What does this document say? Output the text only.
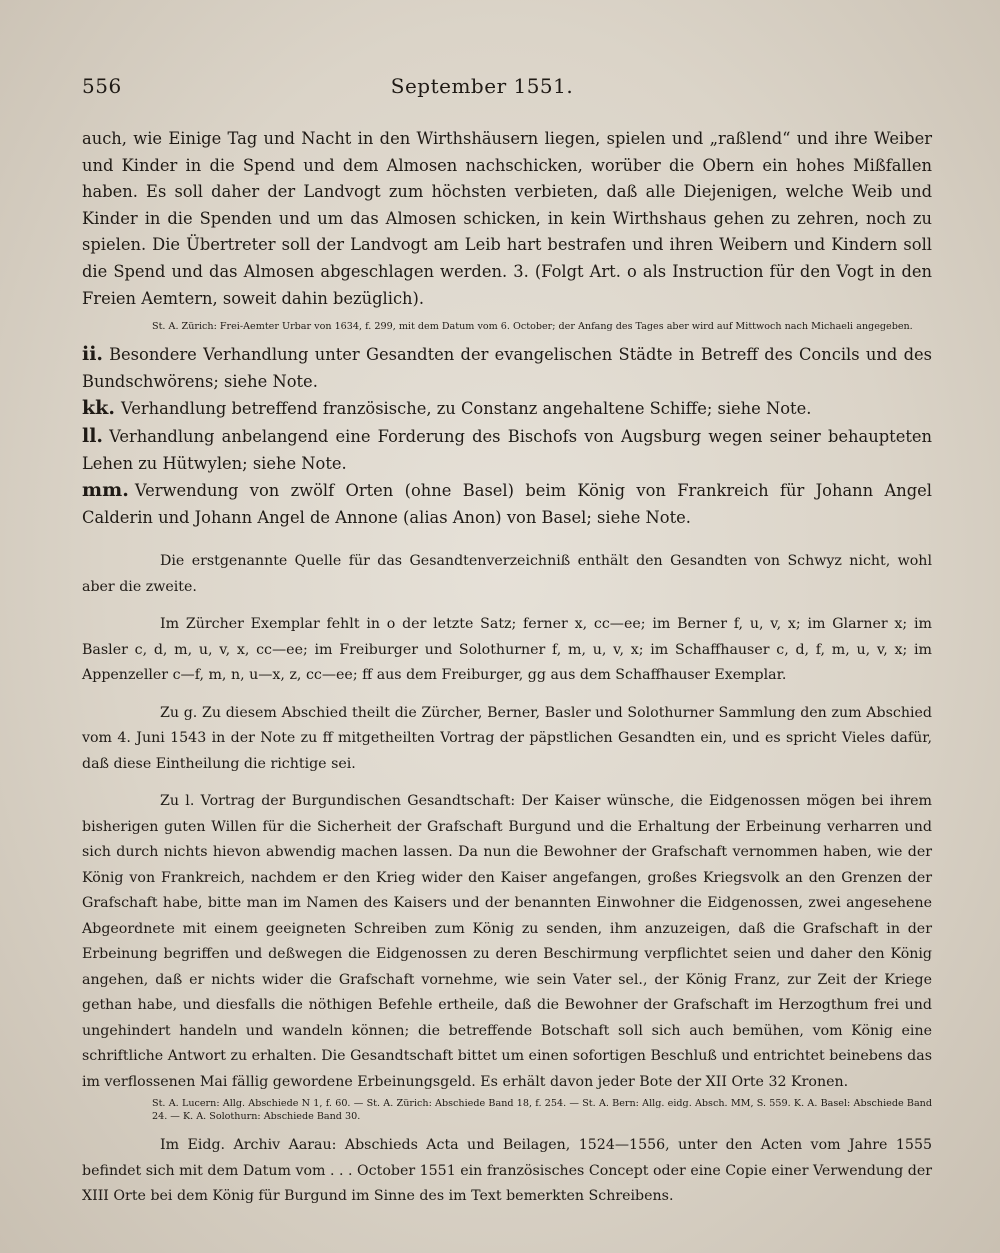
556	September 1551.

auch, wie Einige Tag und Nacht in den Wirthshäusern liegen, spielen und „raßlend“ und ihre Weiber und Kinder in die Spend und dem Almosen nachschicken, worüber die Obern ein hohes Mißfallen haben. Es soll daher der Landvogt zum höchsten verbieten, daß alle Diejenigen, welche Weib und Kinder in die Spenden und um das Almosen schicken, in kein Wirthshaus gehen zu zehren, noch zu spielen. Die Übertreter soll der Landvogt am Leib hart bestrafen und ihren Weibern und Kindern soll die Spend und das Almosen abgeschlagen werden. 3. (Folgt Art. o als Instruction für den Vogt in den Freien Aemtern, soweit dahin bezüglich).

St. A. Zürich: Frei-Aemter Urbar von 1634, f. 299, mit dem Datum vom 6. October; der Anfang des Tages aber wird auf Mittwoch nach Michaeli angegeben.

ii. Besondere Verhandlung unter Gesandten der evangelischen Städte in Betreff des Concils und des Bundschwörens; siehe Note.

kk. Verhandlung betreffend französische, zu Constanz angehaltene Schiffe; siehe Note.

ll. Verhandlung anbelangend eine Forderung des Bischofs von Augsburg wegen seiner behaupteten Lehen zu Hütwylen; siehe Note.

mm. Verwendung von zwölf Orten (ohne Basel) beim König von Frankreich für Johann Angel Calderin und Johann Angel de Annone (alias Anon) von Basel; siehe Note.

Die erstgenannte Quelle für das Gesandtenverzeichniß enthält den Gesandten von Schwyz nicht, wohl aber die zweite.

Im Zürcher Exemplar fehlt in o der letzte Satz; ferner x, cc—ee; im Berner f, u, v, x; im Glarner x; im Basler c, d, m, u, v, x, cc—ee; im Freiburger und Solothurner f, m, u, v, x; im Schaffhauser c, d, f, m, u, v, x; im Appenzeller c—f, m, n, u—x, z, cc—ee; ff aus dem Freiburger, gg aus dem Schaffhauser Exemplar.

Zu g. Zu diesem Abschied theilt die Zürcher, Berner, Basler und Solothurner Sammlung den zum Abschied vom 4. Juni 1543 in der Note zu ff mitgetheilten Vortrag der päpstlichen Gesandten ein, und es spricht Vieles dafür, daß diese Eintheilung die richtige sei.

Zu l. Vortrag der Burgundischen Gesandtschaft: Der Kaiser wünsche, die Eidgenossen mögen bei ihrem bisherigen guten Willen für die Sicherheit der Grafschaft Burgund und die Erhaltung der Erbeinung verharren und sich durch nichts hievon abwendig machen lassen. Da nun die Bewohner der Grafschaft vernommen haben, wie der König von Frankreich, nachdem er den Krieg wider den Kaiser angefangen, großes Kriegsvolk an den Grenzen der Grafschaft habe, bitte man im Namen des Kaisers und der benannten Einwohner die Eidgenossen, zwei angesehene Abgeordnete mit einem geeigneten Schreiben zum König zu senden, ihm anzuzeigen, daß die Grafschaft in der Erbeinung begriffen und deßwegen die Eidgenossen zu deren Beschirmung verpflichtet seien und daher den König angehen, daß er nichts wider die Grafschaft vornehme, wie sein Vater sel., der König Franz, zur Zeit der Kriege gethan habe, und diesfalls die nöthigen Befehle ertheile, daß die Bewohner der Grafschaft im Herzogthum frei und ungehindert handeln und wandeln können; die betreffende Botschaft soll sich auch bemühen, vom König eine schriftliche Antwort zu erhalten. Die Gesandtschaft bittet um einen sofortigen Beschluß und entrichtet beinebens das im verflossenen Mai fällig gewordene Erbeinungsgeld. Es erhält davon jeder Bote der XII Orte 32 Kronen.

St. A. Lucern: Allg. Abschiede N 1, f. 60. — St. A. Zürich: Abschiede Band 18, f. 254. — St. A. Bern: Allg. eidg. Absch. MM, S. 559. K. A. Basel: Abschiede Band 24. — K. A. Solothurn: Abschiede Band 30.

Im Eidg. Archiv Aarau: Abschieds Acta und Beilagen, 1524—1556, unter den Acten vom Jahre 1555 befindet sich mit dem Datum vom . . . October 1551 ein französisches Concept oder eine Copie einer Verwendung der XIII Orte bei dem König für Burgund im Sinne des im Text bemerkten Schreibens.
